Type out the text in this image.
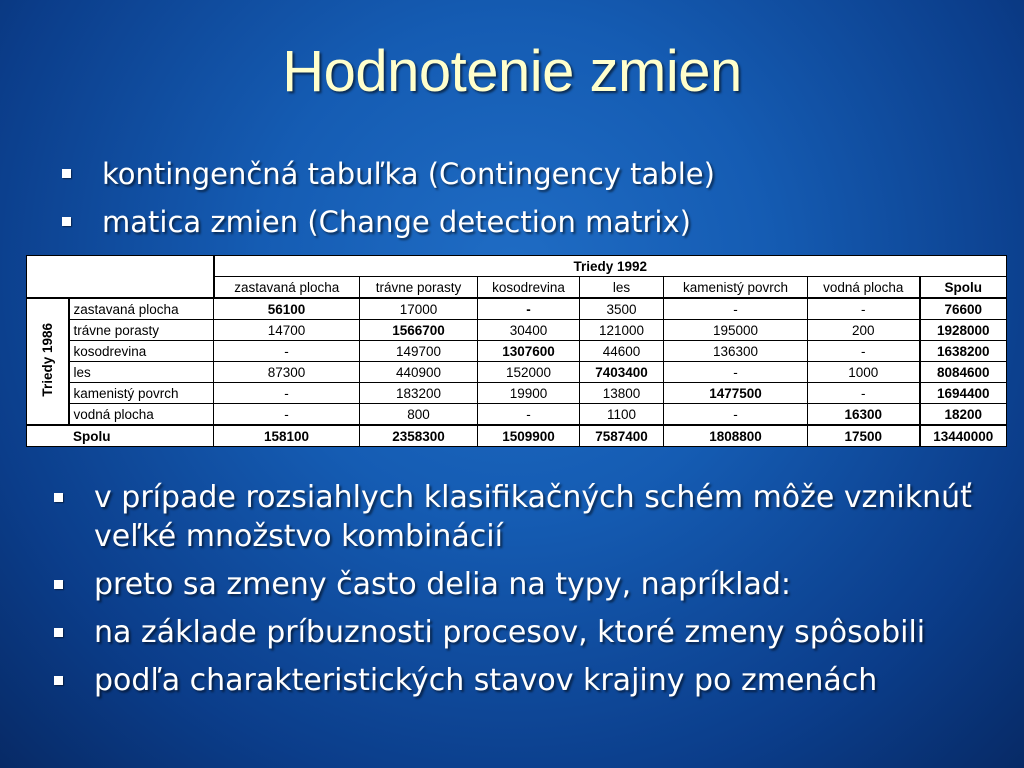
Hodnotenie zmien
kontingenčná tabuľka (Contingency table)
matica zmien (Change detection matrix)
		Triedy 1992						
		zastavaná plocha	trávne porasty	kosodrevina	les	kamenistý povrch	vodná plocha	Spolu
Triedy 1986	zastavaná plocha	56100	17000	-	3500	-	-	76600
	trávne porasty	14700	1566700	30400	121000	195000	200	1928000
	kosodrevina	-	149700	1307600	44600	136300	-	1638200
	les	87300	440900	152000	7403400	-	1000	8084600
	kamenistý povrch	-	183200	19900	13800	1477500	-	1694400
	vodná plocha	-	800	-	1100	-	16300	18200
Spolu		158100	2358300	1509900	7587400	1808800	17500	13440000
v prípade rozsiahlych klasifikačných schém môže vzniknúť veľké množstvo kombinácií
preto sa zmeny často delia na typy, napríklad:
na základe príbuznosti procesov, ktoré zmeny spôsobili
podľa charakteristických stavov krajiny po zmenách
